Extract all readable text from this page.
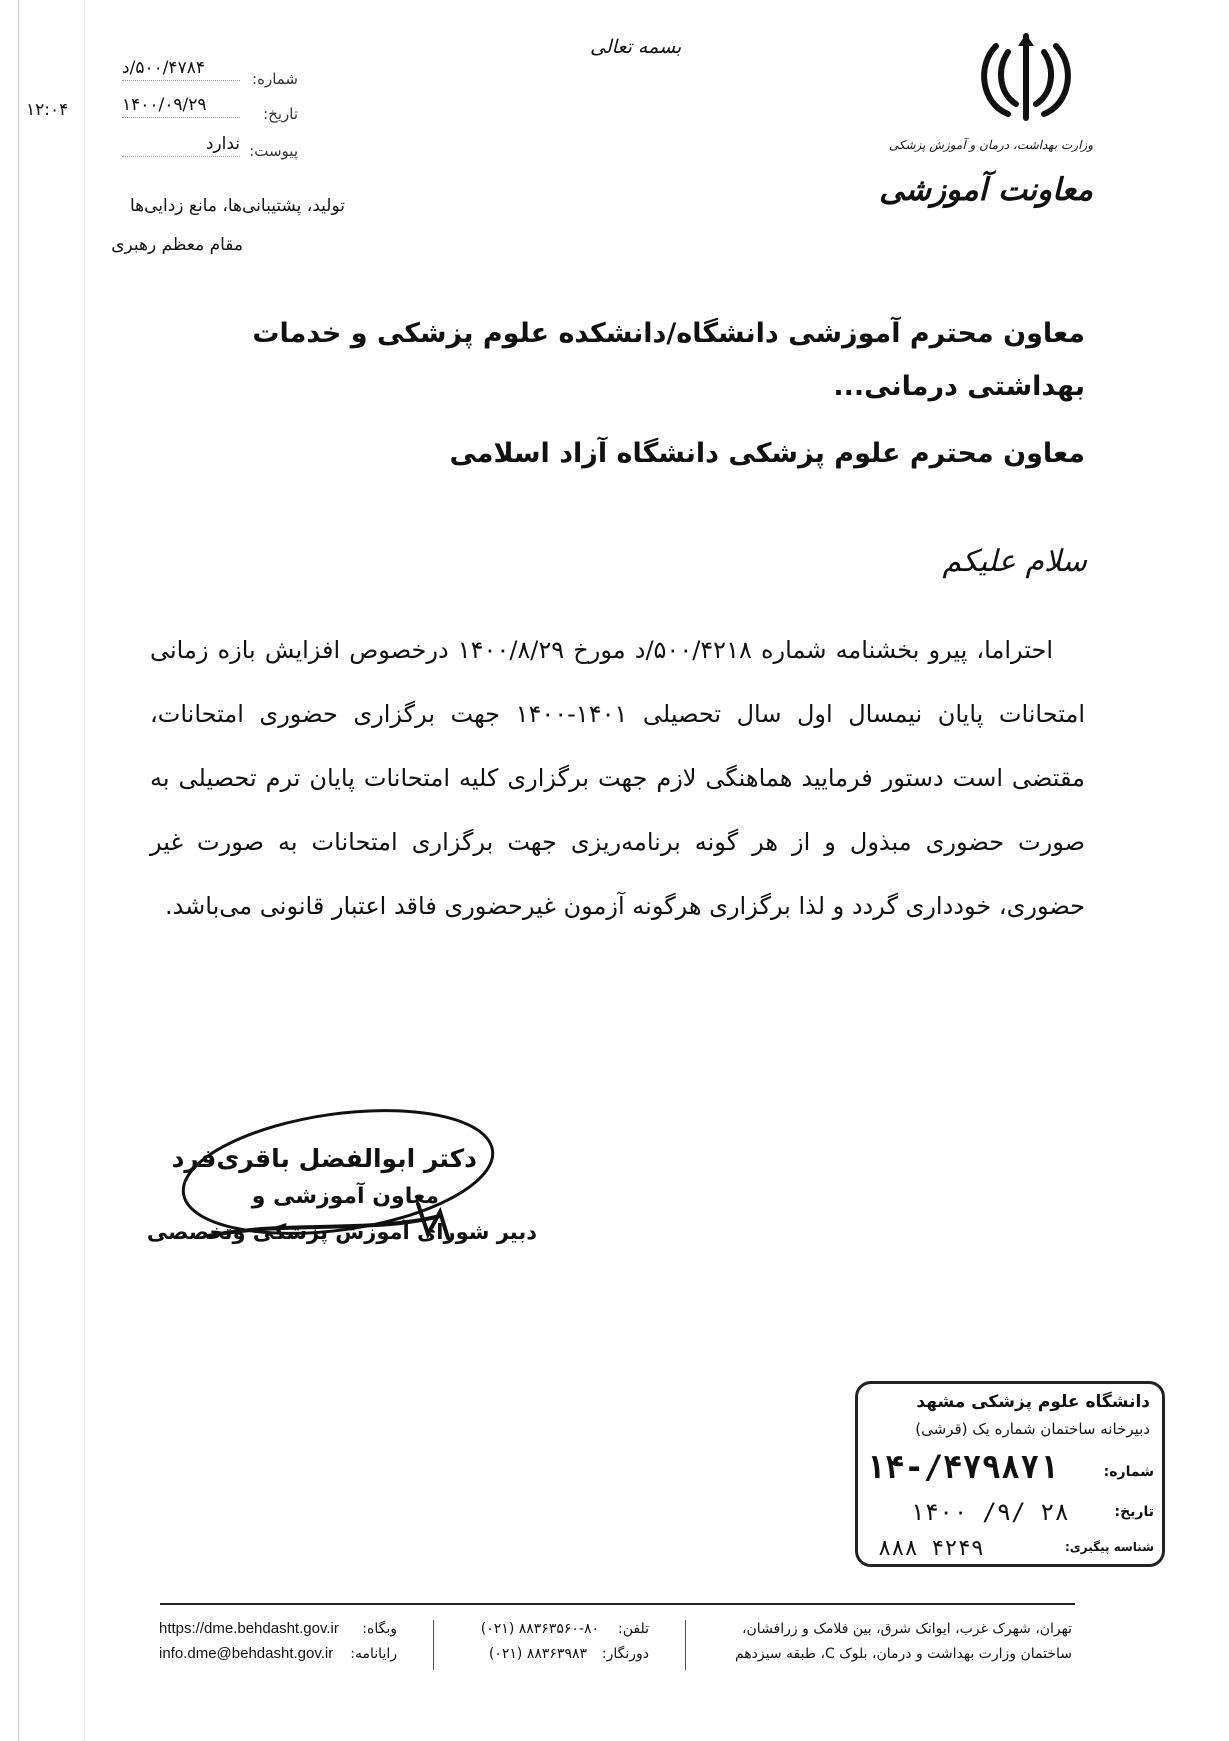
بسمه تعالی
وزارت بهداشت، درمان و آموزش پزشکی
معاونت آموزشی
شماره:
۵۰۰/۴۷۸۴/د
تاریخ:
۱۴۰۰/۰۹/۲۹
پیوست:
ندارد
۱۲:۰۴
تولید، پشتیبانی‌ها، مانع زدایی‌ها
مقام معظم رهبری
معاون محترم آموزشی دانشگاه/دانشکده علوم پزشکی و خدمات بهداشتی درمانی...
معاون محترم علوم پزشکی دانشگاه آزاد اسلامی
سلام علیکم
احتراما، پیرو بخشنامه شماره ۵۰۰/۴۲۱۸/د مورخ ۱۴۰۰/۸/۲۹ درخصوص افزایش بازه زمانی امتحانات پایان نیمسال اول سال تحصیلی ۱۴۰۱-۱۴۰۰ جهت برگزاری حضوری امتحانات، مقتضی است دستور فرمایید هماهنگی لازم جهت برگزاری کلیه امتحانات پایان ترم تحصیلی به صورت حضوری مبذول و از هر گونه برنامه‌ریزی جهت برگزاری امتحانات به صورت غیر حضوری، خودداری گردد و لذا برگزاری هرگونه آزمون غیرحضوری فاقد اعتبار قانونی می‌باشد.
دکتر ابوالفضل باقری‌فرد
معاون آموزشی و
دبیر شورای آموزش پزشکی وتخصصی
دانشگاه علوم پزشکی مشهد
دبیرخانه ساختمان شماره یک (قرشی)
شماره:
۱۴-/۴۷۹۸۷۱
تاریخ:
۱۴۰۰ /۹/ ۲۸
شناسه پیگیری:
۸۸۸ ۴۲۴۹
تهران، شهرک غرب، ایوانک شرق، بین فلامک و زرافشان،
ساختمان وزارت بهداشت و درمان، بلوک C، طبقه سیزدهم
تلفن:
۸۸۳۶۳۵۶۰-۸۰ (۰۲۱)
دورنگار:
۸۸۳۶۳۹۸۳ (۰۲۱)
وبگاه:
https://dme.behdasht.gov.ir
رایانامه:
info.dme@behdasht.gov.ir
